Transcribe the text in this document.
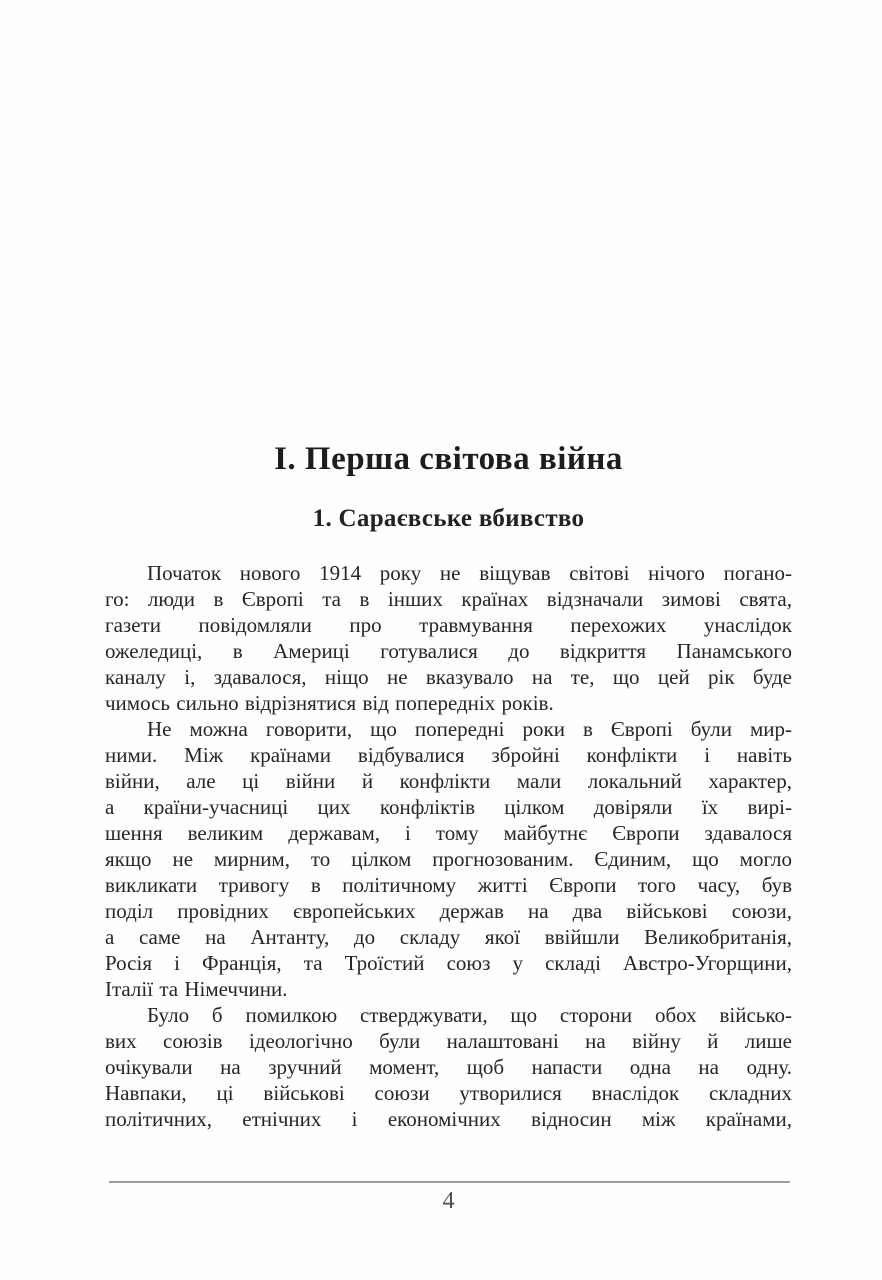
І. Перша світова війна
1. Сараєвське вбивство
Початок нового 1914 року не віщував світові нічого погано-
го: люди в Європі та в інших країнах відзначали зимові свята,
газети повідомляли про травмування перехожих унаслідок
ожеледиці, в Америці готувалися до відкриття Панамського
каналу і, здавалося, ніщо не вказувало на те, що цей рік буде
чимось сильно відрізнятися від попередніх років.
Не можна говорити, що попередні роки в Європі були мир-
ними. Між країнами відбувалися збройні конфлікти і навіть
війни, але ці війни й конфлікти мали локальний характер,
а країни-учасниці цих конфліктів цілком довіряли їх вирі-
шення великим державам, і тому майбутнє Європи здавалося
якщо не мирним, то цілком прогнозованим. Єдиним, що могло
викликати тривогу в політичному житті Європи того часу, був
поділ провідних європейських держав на два військові союзи,
а саме на Антанту, до складу якої ввійшли Великобританія,
Росія і Франція, та Троїстий союз у складі Австро-Угорщини,
Італії та Німеччини.
Було б помилкою стверджувати, що сторони обох військо-
вих союзів ідеологічно були налаштовані на війну й лише
очікували на зручний момент, щоб напасти одна на одну.
Навпаки, ці військові союзи утворилися внаслідок складних
політичних, етнічних і економічних відносин між країнами,
4
